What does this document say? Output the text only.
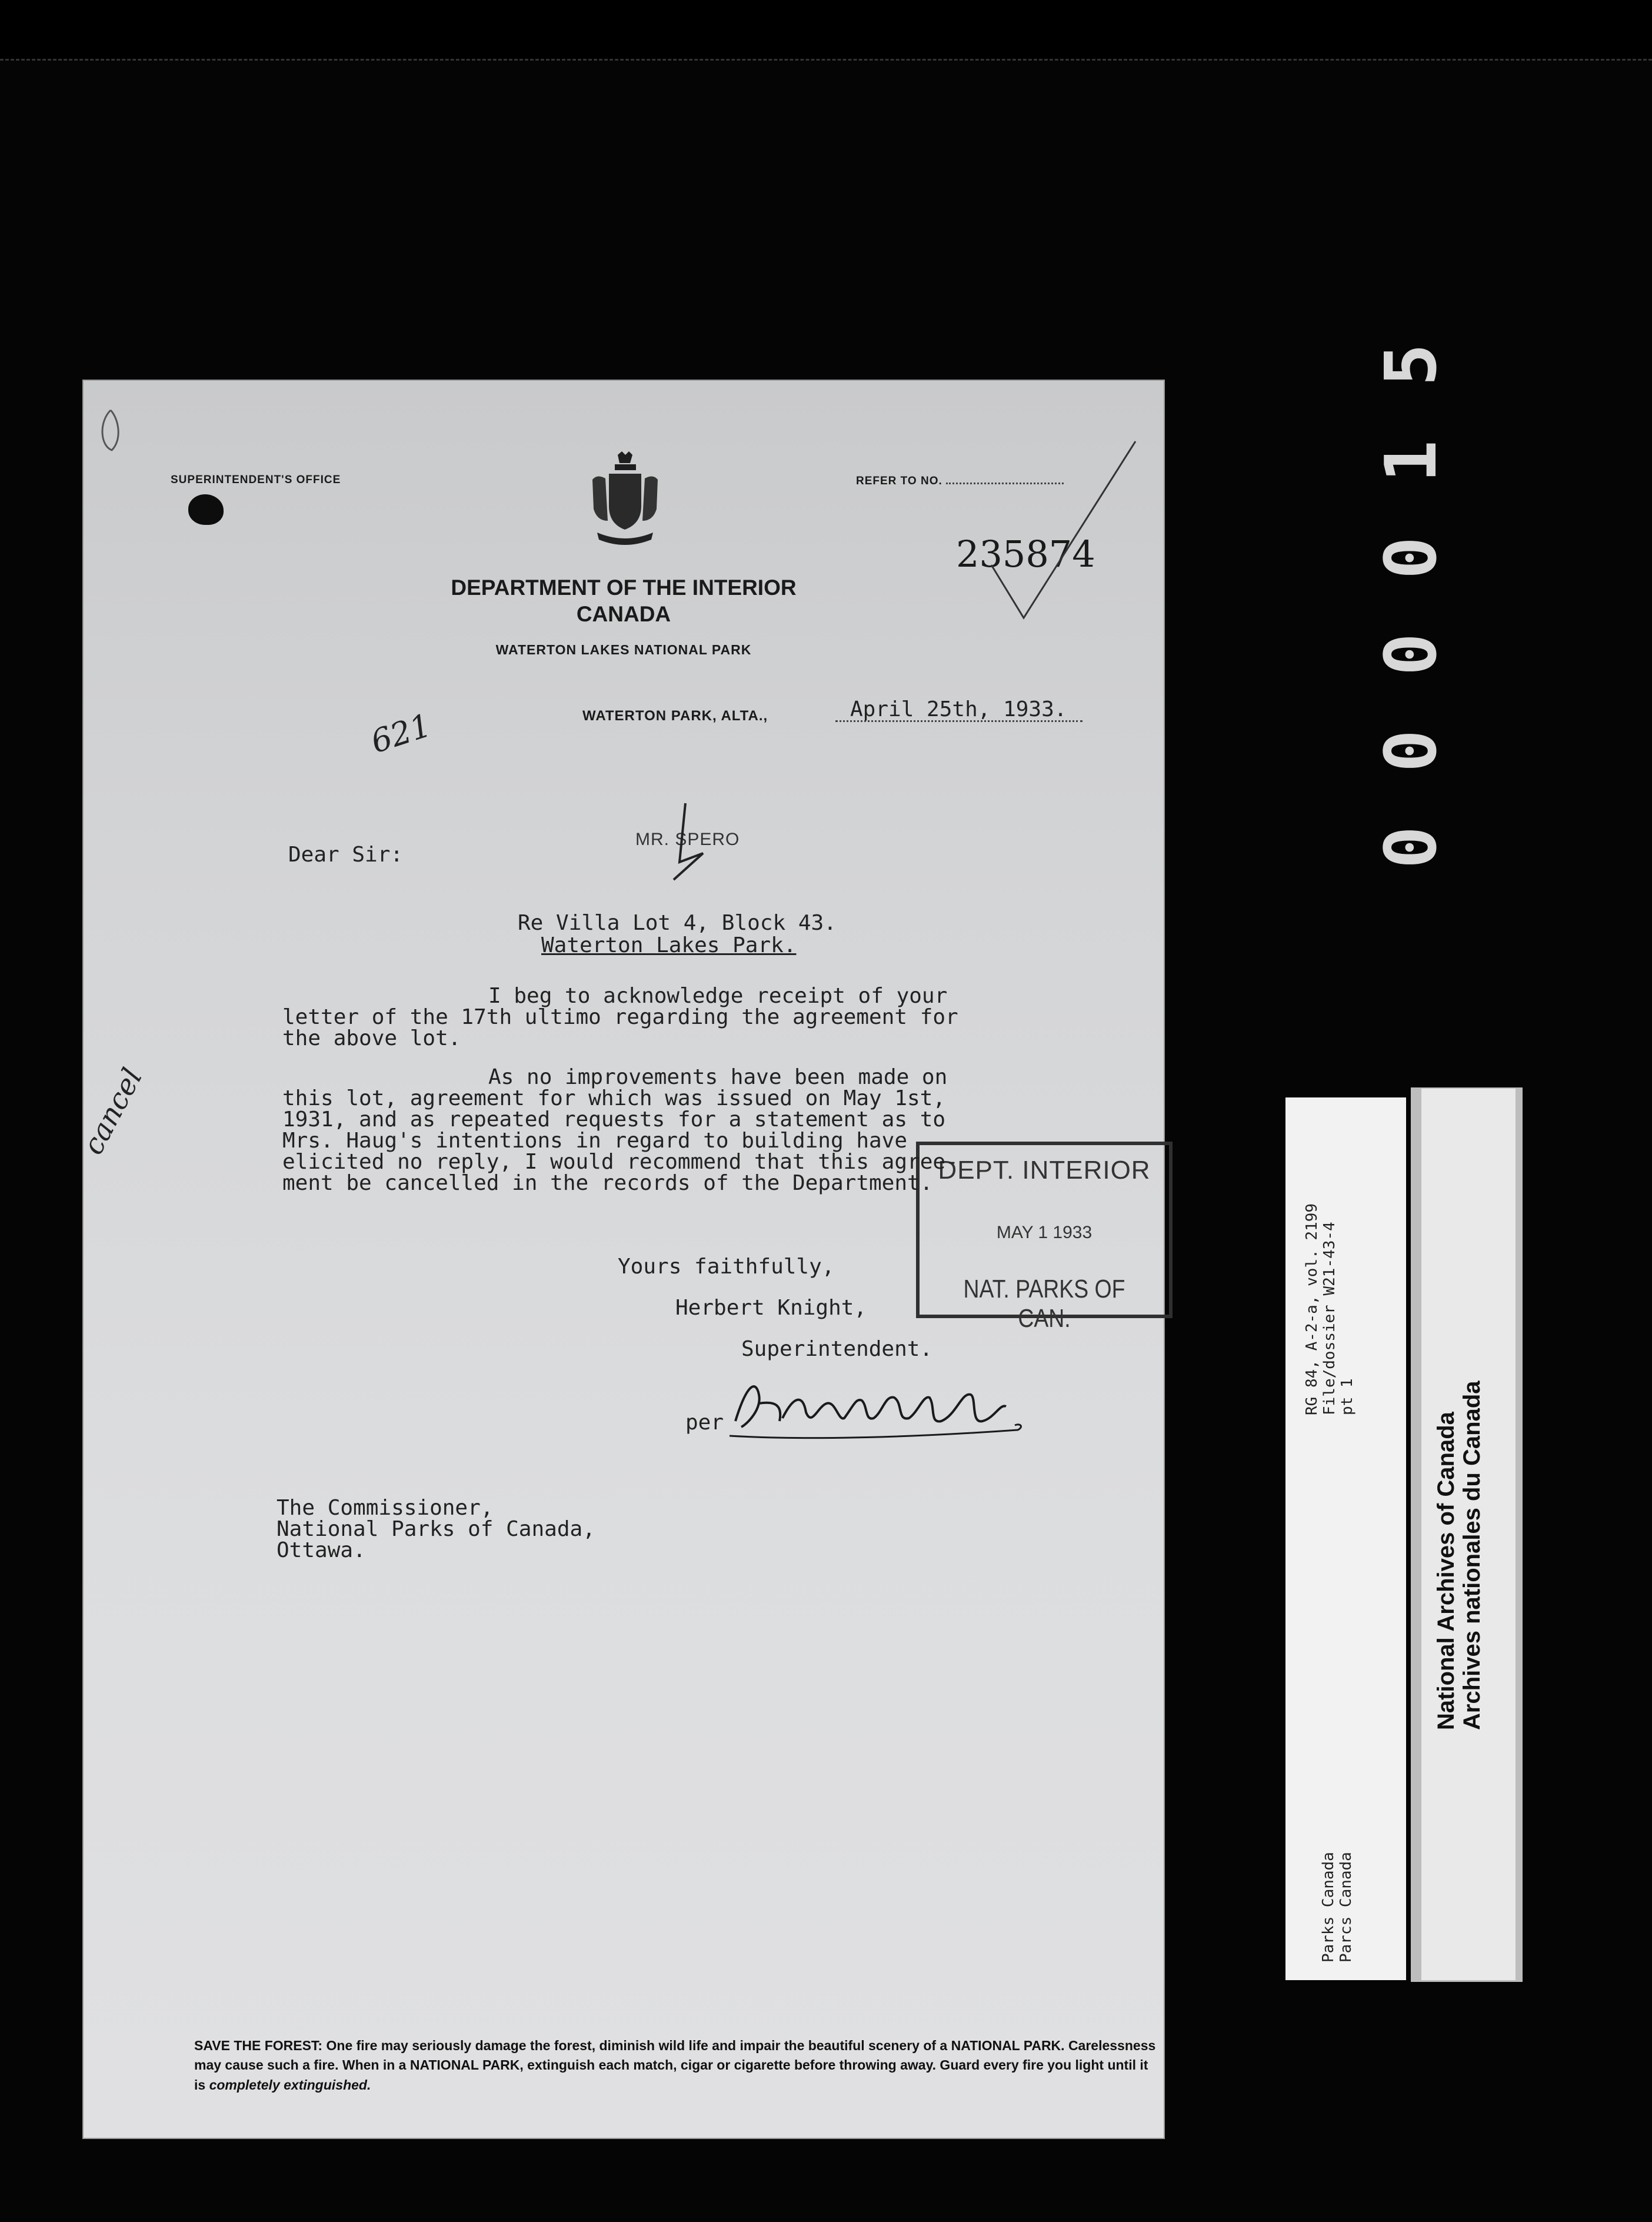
5
1
0
0
0
0
SUPERINTENDENT'S OFFICE	REFER TO NO.
235874
DEPARTMENT OF THE INTERIOR
CANADA
WATERTON LAKES NATIONAL PARK
WATERTON PARK, ALTA.,	April 25th, 1933.
621
DEPT. INTERIOR
MAY 1 1933
NAT. PARKS OF CAN.
MR. SPERO
Dear Sir:
Re Villa Lot 4, Block 43.
Waterton Lakes Park.
I beg to acknowledge receipt of your
letter of the 17th ultimo regarding the agreement for
the above lot.
As no improvements have been made on
this lot, agreement for which was issued on May 1st,
1931, and as repeated requests for a statement as to
Mrs. Haug's intentions in regard to building have
elicited no reply, I would recommend that this agree-
ment be cancelled in the records of the Department.
cancel
Yours faithfully,
Herbert Knight,
Superintendent.
per
The Commissioner,
National Parks of Canada,
Ottawa.
SAVE THE FOREST: One fire may seriously damage the forest, diminish wild life and impair the beautiful scenery of a NATIONAL PARK. Carelessness may cause such a fire. When in a NATIONAL PARK, extinguish each match, cigar or cigarette before throwing away. Guard every fire you light until it is completely extinguished.
RG 84, A-2-a, vol. 2199 File/dossier W21-43-4 pt 1
Parks Canada Parcs Canada
National Archives of Canada Archives nationales du Canada
